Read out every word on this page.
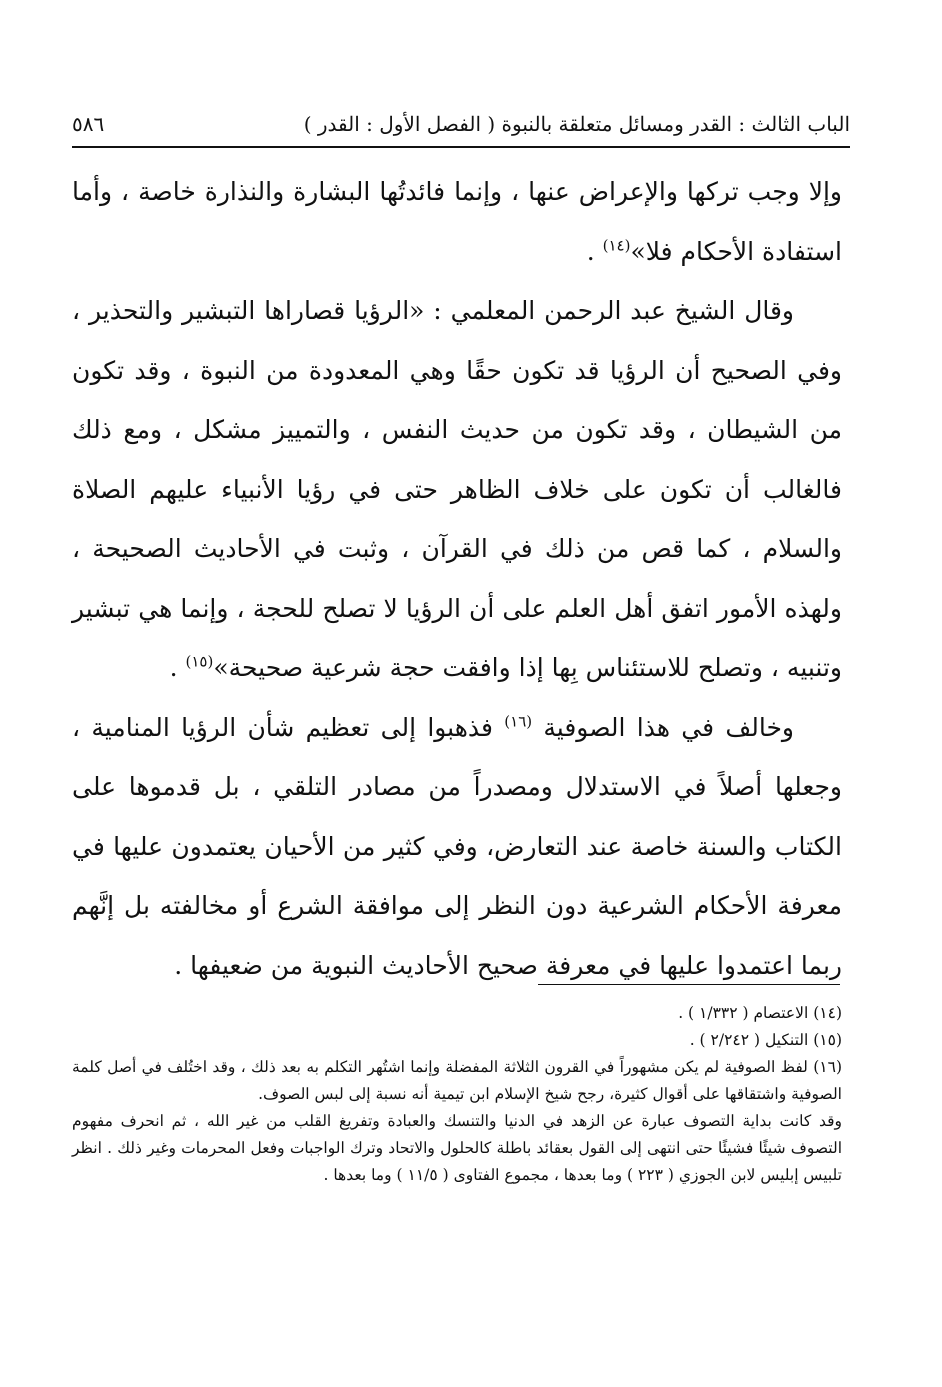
الباب الثالث : القدر ومسائل متعلقة بالنبوة ( الفصل الأول : القدر )
٥٨٦

وإلا وجب تركها والإعراض عنها ، وإنما فائدتُها البشارة والنذارة خاصة ، وأما استفادة الأحكام فلا»$^{(١٤)}$ .

وقال الشيخ عبد الرحمن المعلمي : «الرؤيا قصاراها التبشير والتحذير ، وفي الصحيح أن الرؤيا قد تكون حقًا وهي المعدودة من النبوة ، وقد تكون من الشيطان ، وقد تكون من حديث النفس ، والتمييز مشكل ، ومع ذلك فالغالب أن تكون على خلاف الظاهر حتى في رؤيا الأنبياء عليهم الصلاة والسلام ، كما قص من ذلك في القرآن ، وثبت في الأحاديث الصحيحة ، ولهذه الأمور اتفق أهل العلم على أن الرؤيا لا تصلح للحجة ، وإنما هي تبشير وتنبيه ، وتصلح للاستئناس بِها إذا وافقت حجة شرعية صحيحة»$^{(١٥)}$ .

وخالف في هذا الصوفية $^{(١٦)}$ فذهبوا إلى تعظيم شأن الرؤيا المنامية ، وجعلها أصلاً في الاستدلال ومصدراً من مصادر التلقي ، بل قدموها على الكتاب والسنة خاصة عند التعارض، وفي كثير من الأحيان يعتمدون عليها في معرفة الأحكام الشرعية دون النظر إلى موافقة الشرع أو مخالفته بل إنَّهم ربما اعتمدوا عليها في معرفة صحيح الأحاديث النبوية من ضعيفها .

(١٤) الاعتصام ( ١/٣٣٢ ) .

(١٥) التنكيل ( ٢/٢٤٢ ) .

(١٦) لفظ الصوفية لم يكن مشهوراً في القرون الثلاثة المفضلة وإنما اشتُهر التكلم به بعد ذلك ، وقد اختُلف في أصل كلمة الصوفية واشتقاقها على أقوال كثيرة، رجح شيخ الإسلام ابن تيمية أنه نسبة إلى لبس الصوف.

وقد كانت بداية التصوف عبارة عن الزهد في الدنيا والتنسك والعبادة وتفريغ القلب من غير الله ، ثم انحرف مفهوم التصوف شيئًا فشيئًا حتى انتهى إلى القول بعقائد باطلة كالحلول والاتحاد وترك الواجبات وفعل المحرمات وغير ذلك . انظر تلبيس إبليس لابن الجوزي ( ٢٢٣ ) وما بعدها ، مجموع الفتاوى ( ١١/٥ ) وما بعدها .
